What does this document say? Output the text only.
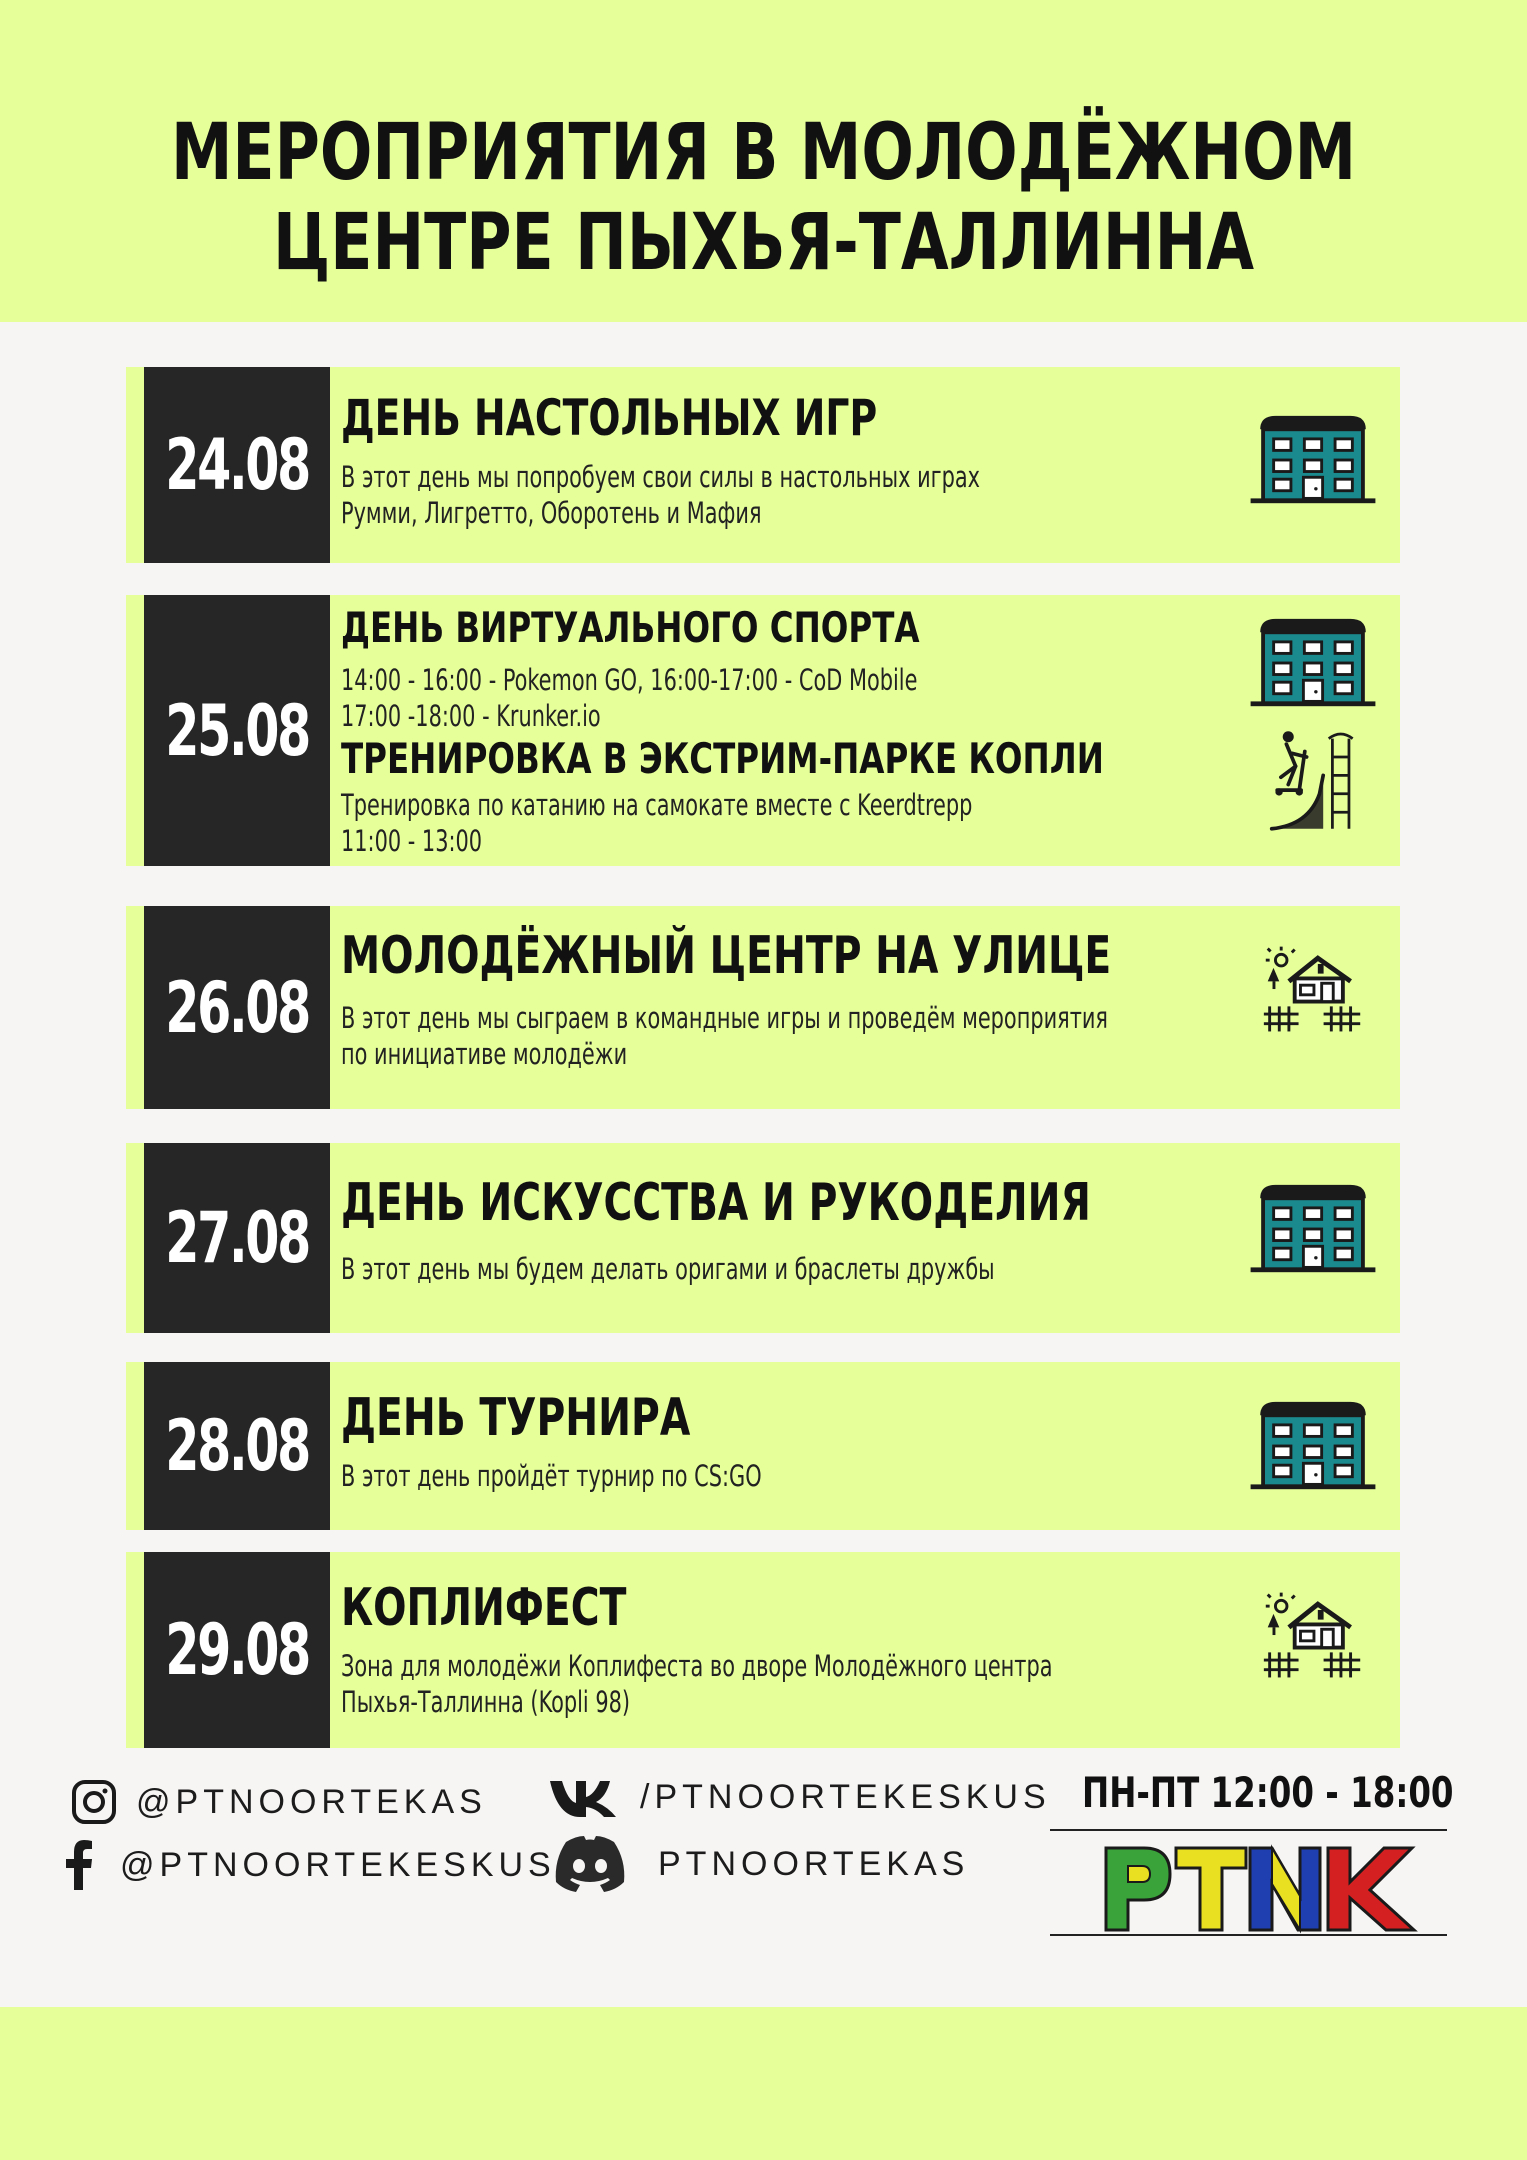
МЕРОПРИЯТИЯ В МОЛОДЁЖНОМ
ЦЕНТРЕ ПЫХЬЯ-ТАЛЛИННА
24.08
ДЕНЬ НАСТОЛЬНЫХ ИГР
В этот день мы попробуем свои силы в настольных играх
Румми, Лигретто, Оборотень и Мафия
25.08
ДЕНЬ ВИРТУАЛЬНОГО СПОРТА
14:00 - 16:00 - Pokemon GO, 16:00-17:00 - CoD Mobile
17:00 -18:00 - Krunker.io
ТРЕНИРОВКА В ЭКСТРИМ-ПАРКЕ КОПЛИ
Тренировка по катанию на самокате вместе с Keerdtrepp
11:00 - 13:00
26.08
МОЛОДЁЖНЫЙ ЦЕНТР НА УЛИЦЕ
В этот день мы сыграем в командные игры и проведём мероприятия
по инициативе молодёжи
27.08 ДЕНЬ ИСКУССТВА И РУКОДЕЛИЯ
В этот день мы будем делать оригами и браслеты дружбы
28.08 ДЕНЬ ТУРНИРА
В этот день пройдёт турнир по CS:GO
29.08
КОПЛИФЕСТ
Зона для молодёжи Коплифеста во дворе Молодёжного центра
Пыхья-Таллинна (Kopli 98)
@PTNOORTEKAS	/PTNOORTEKESKUS
@PTNOORTEKESKUS	PTNOORTEKAS
ПН-ПТ 12:00 - 18:00
